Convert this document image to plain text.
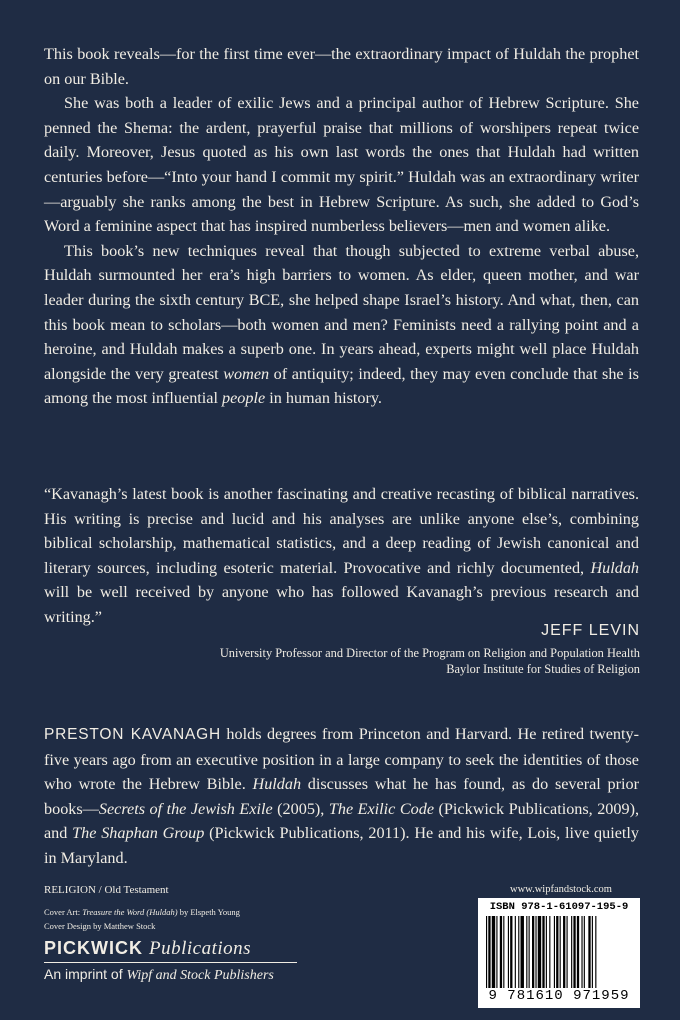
This book reveals—for the first time ever—the extraordinary impact of Huldah the prophet on our Bible.

She was both a leader of exilic Jews and a principal author of Hebrew Scripture. She penned the Shema: the ardent, prayerful praise that millions of worshipers repeat twice daily. Moreover, Jesus quoted as his own last words the ones that Huldah had written centuries before—“Into your hand I commit my spirit.” Huldah was an extraordinary writer—arguably she ranks among the best in Hebrew Scripture. As such, she added to God’s Word a feminine aspect that has inspired numberless believers—men and women alike.

This book’s new techniques reveal that though subjected to extreme verbal abuse, Huldah surmounted her era’s high barriers to women. As elder, queen mother, and war leader during the sixth century BCE, she helped shape Israel’s history. And what, then, can this book mean to scholars—both women and men? Feminists need a rallying point and a heroine, and Huldah makes a superb one. In years ahead, experts might well place Huldah alongside the very greatest women of antiquity; indeed, they may even conclude that she is among the most influential people in human history.

“Kavanagh’s latest book is another fascinating and creative recasting of biblical narratives. His writing is precise and lucid and his analyses are unlike anyone else’s, combining biblical scholarship, mathematical statistics, and a deep reading of Jewish canonical and literary sources, including esoteric material. Provocative and richly documented, Huldah will be well received by anyone who has followed Kavanagh’s previous research and writing.”

JEFF LEVIN
University Professor and Director of the Program on Religion and Population Health
Baylor Institute for Studies of Religion

PRESTON KAVANAGH holds degrees from Princeton and Harvard. He retired twenty-five years ago from an executive position in a large company to seek the identities of those who wrote the Hebrew Bible. Huldah discusses what he has found, as do several prior books—Secrets of the Jewish Exile (2005), The Exilic Code (Pickwick Publications, 2009), and The Shaphan Group (Pickwick Publications, 2011). He and his wife, Lois, live quietly in Maryland.

RELIGION / Old Testament
Cover Art: Treasure the Word (Huldah) by Elspeth Young
Cover Design by Matthew Stock
PICKWICK Publications
An imprint of Wipf and Stock Publishers
www.wipfandstock.com
ISBN 978-1-61097-195-9
9 781610 971959
